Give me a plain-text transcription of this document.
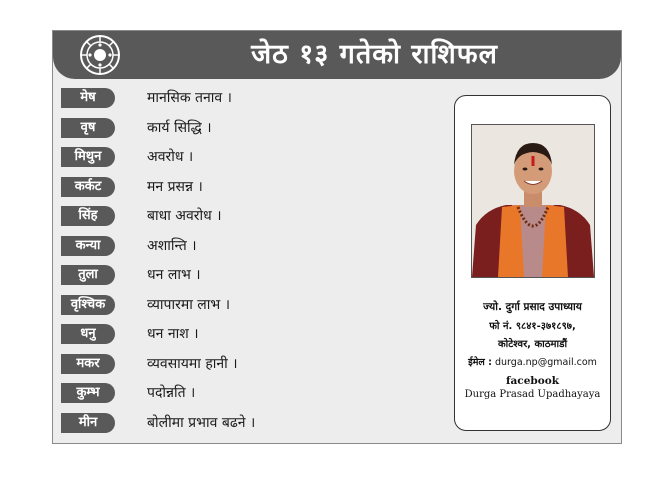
जेठ १३ गतेको राशिफल
मेष	मानसिक तनाव ।
वृष	कार्य सिद्धि ।
मिथुन	अवरोध ।
कर्कट	मन प्रसन्न ।
सिंह	बाधा अवरोध ।
कन्या	अशान्ति ।
तुला	धन लाभ ।
वृश्चिक	व्यापारमा लाभ ।
धनु	धन नाश ।
मकर	व्यवसायमा हानी ।
कुम्भ	पदोन्नति ।
मीन	बोलीमा प्रभाव बढने ।
ज्यो. दुर्गा प्रसाद उपाध्याय
फो नं. ९८४१-३७१८९७,
कोटेश्वर, काठमाडौं
ईमेल : durga.np@gmail.com
facebook
Durga Prasad Upadhayaya
